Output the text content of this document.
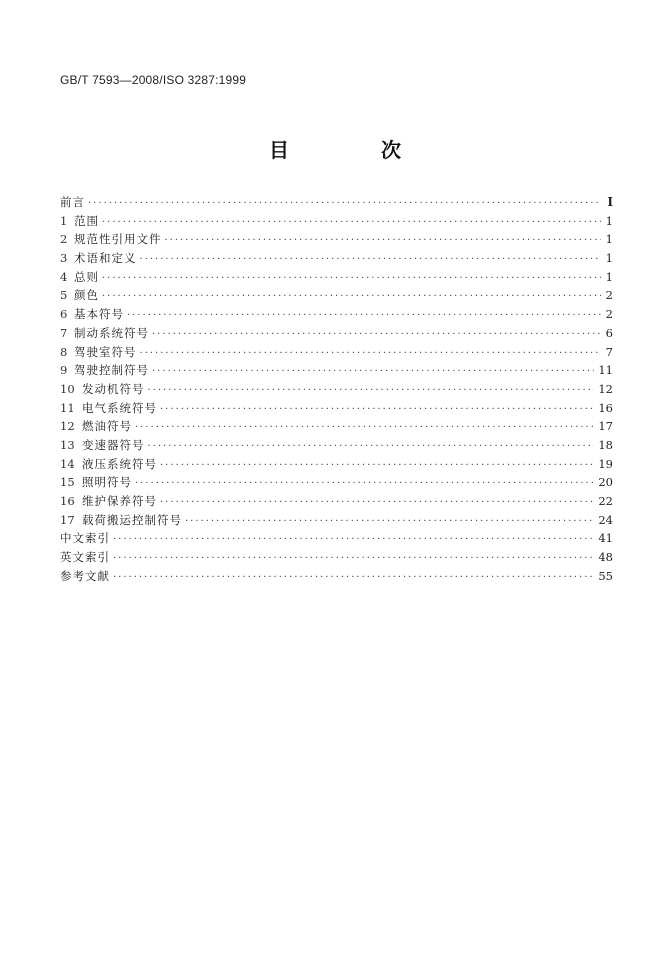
GB/T 7593—2008/ISO 3287:1999
目　次
前言 ·····	I
1 范围 ·····	1
2 规范性引用文件 ·····	1
3 术语和定义 ·····	1
4 总则 ·····	1
5 颜色 ·····	2
6 基本符号 ·····	2
7 制动系统符号 ·····	6
8 驾驶室符号 ·····	7
9 驾驶控制符号 ·····	11
10 发动机符号 ·····	12
11 电气系统符号 ·····	16
12 燃油符号 ·····	17
13 变速器符号 ·····	18
14 液压系统符号 ·····	19
15 照明符号 ·····	20
16 维护保养符号 ·····	22
17 载荷搬运控制符号 ·····	24
中文索引 ·····	41
英文索引 ·····	48
参考文献 ·····	55
